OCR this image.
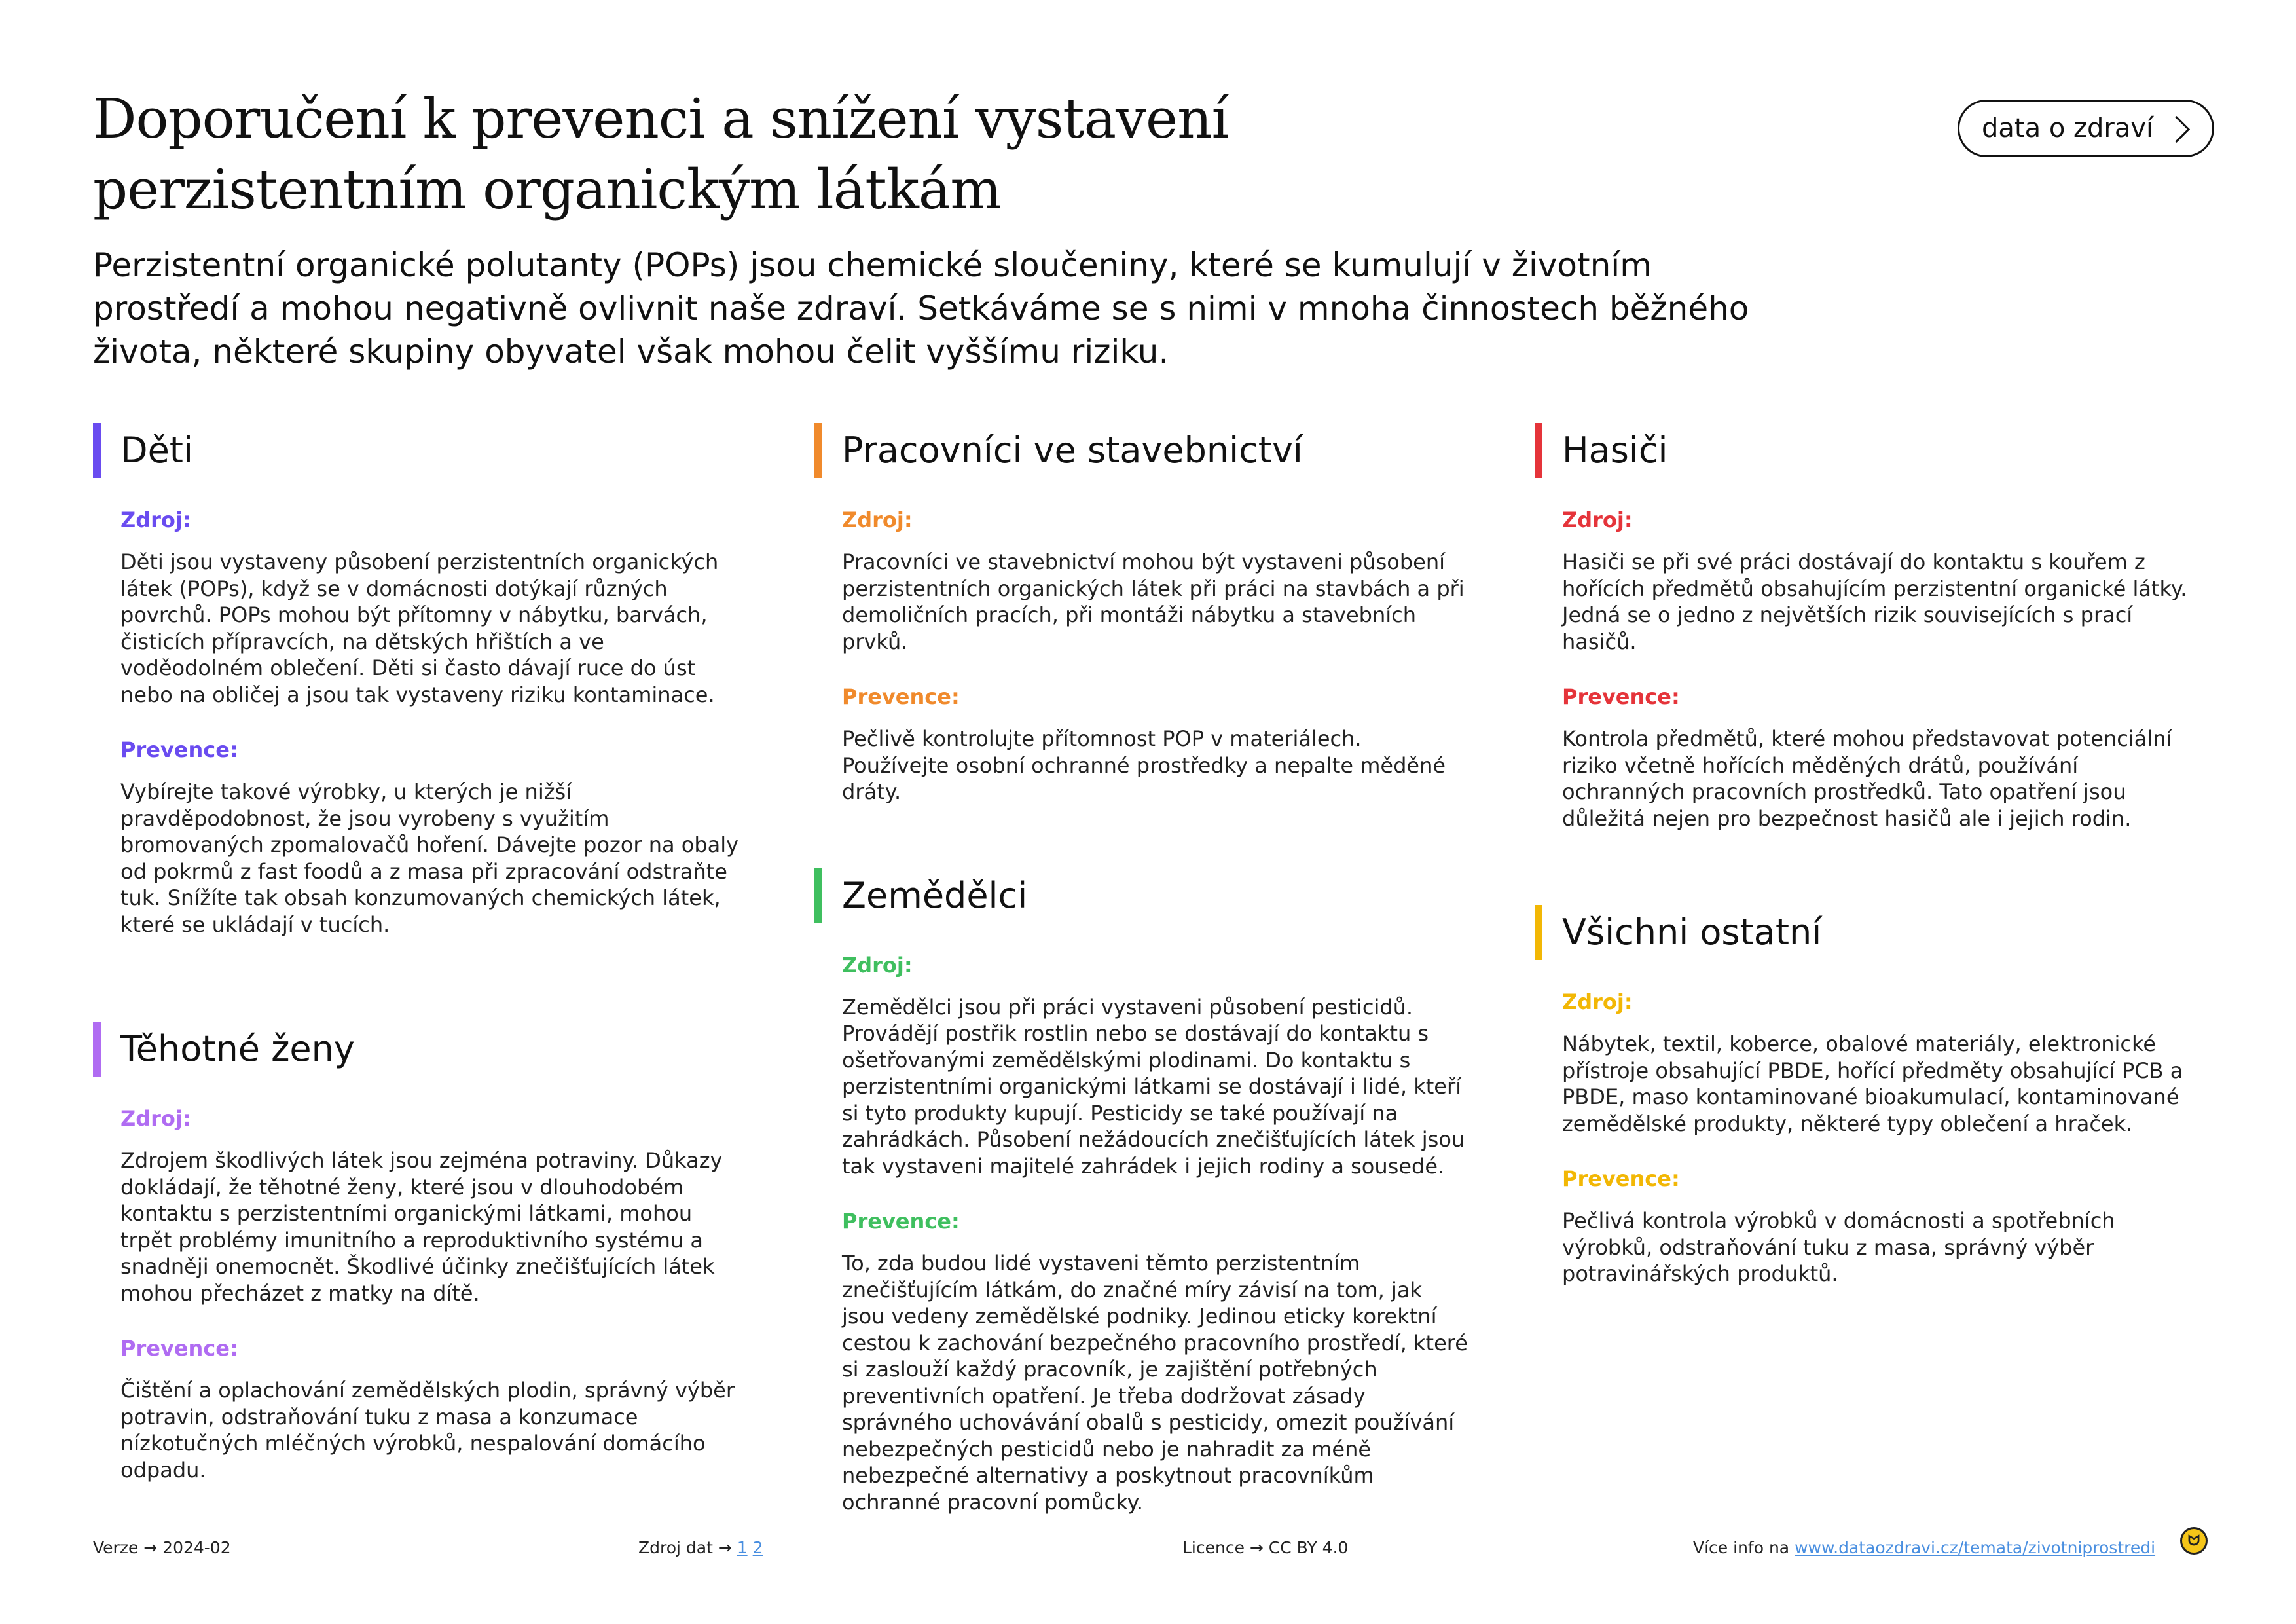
Doporučení k prevenci a snížení vystavení
perzistentním organickým látkám
data o zdraví

Perzistentní organické polutanty (POPs) jsou chemické sloučeniny, které se kumulují v životním prostředí a mohou negativně ovlivnit naše zdraví. Setkáváme se s nimi v mnoha činnostech běžného života, některé skupiny obyvatel však mohou čelit vyššímu riziku.

Děti
Zdroj:
Děti jsou vystaveny působení perzistentních organických látek (POPs), když se v domácnosti dotýkají různých povrchů. POPs mohou být přítomny v nábytku, barvách, čisticích přípravcích, na dětských hřištích a ve voděodolném oblečení. Děti si často dávají ruce do úst nebo na obličej a jsou tak vystaveny riziku kontaminace.
Prevence:
Vybírejte takové výrobky, u kterých je nižší pravděpodobnost, že jsou vyrobeny s využitím bromovaných zpomalovačů hoření. Dávejte pozor na obaly od pokrmů z fast foodů a z masa při zpracování odstraňte tuk. Snížíte tak obsah konzumovaných chemických látek, které se ukládají v tucích.
Těhotné ženy
Zdroj:
Zdrojem škodlivých látek jsou zejména potraviny. Důkazy dokládají, že těhotné ženy, které jsou v dlouhodobém kontaktu s perzistentními organickými látkami, mohou trpět problémy imunitního a reproduktivního systému a snadněji onemocnět. Škodlivé účinky znečišťujících látek mohou přecházet z matky na dítě.
Prevence:
Čištění a oplachování zemědělských plodin, správný výběr potravin, odstraňování tuku z masa a konzumace nízkotučných mléčných výrobků, nespalování domácího odpadu.
Pracovníci ve stavebnictví
Zdroj:
Pracovníci ve stavebnictví mohou být vystaveni působení perzistentních organických látek při práci na stavbách a při demoličních pracích, při montáži nábytku a stavebních prvků.
Prevence:
Pečlivě kontrolujte přítomnost POP v materiálech. Používejte osobní ochranné prostředky a nepalte měděné dráty.
Zemědělci
Zdroj:
Zemědělci jsou při práci vystaveni působení pesticidů. Provádějí postřik rostlin nebo se dostávají do kontaktu s ošetřovanými zemědělskými plodinami. Do kontaktu s perzistentními organickými látkami se dostávají i lidé, kteří si tyto produkty kupují. Pesticidy se také používají na zahrádkách. Působení nežádoucích znečišťujících látek jsou tak vystaveni majitelé zahrádek i jejich rodiny a sousedé.
Prevence:
To, zda budou lidé vystaveni těmto perzistentním znečišťujícím látkám, do značné míry závisí na tom, jak jsou vedeny zemědělské podniky. Jedinou eticky korektní cestou k zachování bezpečného pracovního prostředí, které si zaslouží každý pracovník, je zajištění potřebných preventivních opatření. Je třeba dodržovat zásady správného uchovávání obalů s pesticidy, omezit používání nebezpečných pesticidů nebo je nahradit za méně nebezpečné alternativy a poskytnout pracovníkům ochranné pracovní pomůcky.
Hasiči
Zdroj:
Hasiči se při své práci dostávají do kontaktu s kouřem z hořících předmětů obsahujícím perzistentní organické látky. Jedná se o jedno z největších rizik souvisejících s prací hasičů.
Prevence:
Kontrola předmětů, které mohou představovat potenciální riziko včetně hořících měděných drátů, používání ochranných pracovních prostředků. Tato opatření jsou důležitá nejen pro bezpečnost hasičů ale i jejich rodin.
Všichni ostatní
Zdroj:
Nábytek, textil, koberce, obalové materiály, elektronické přístroje obsahující PBDE, hořící předměty obsahující PCB a PBDE, maso kontaminované bioakumulací, kontaminované zemědělské produkty, některé typy oblečení a hraček.
Prevence:
Pečlivá kontrola výrobků v domácnosti a spotřebních výrobků, odstraňování tuku z masa, správný výběr potravinářských produktů.
Verze → 2024-02	Zdroj dat → 1 2	Licence → CC BY 4.0	Více info na www.dataozdravi.cz/temata/zivotniprostredi	ᗢ
